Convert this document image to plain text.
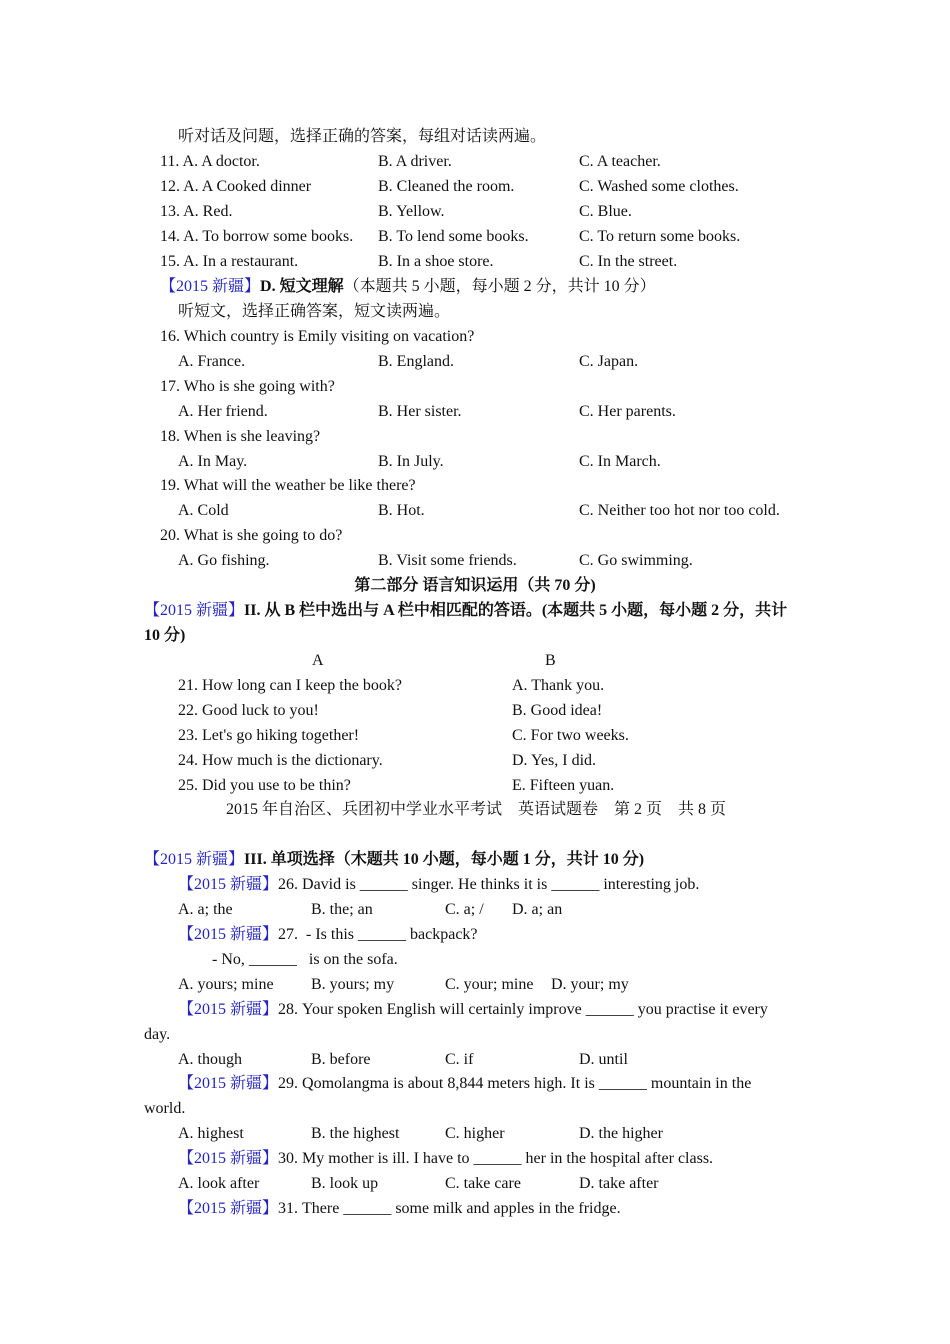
听对话及问题，选择正确的答案，每组对话读两遍。
11. A. A doctor.	B. A driver.	C. A teacher.
12. A. A Cooked dinner	B. Cleaned the room.	C. Washed some clothes.
13. A. Red.	B. Yellow.	C. Blue.
14. A. To borrow some books. B. To lend some books.	C. To return some books.
15. A. In a restaurant.	B. In a shoe store.	C. In the street.
【2015 新疆】D. 短文理解（本题共 5 小题，每小题 2 分，共计 10 分）
听短文，选择正确答案，短文读两遍。
16. Which country is Emily visiting on vacation?
A. France.	B. England.	C. Japan.
17. Who is she going with?
A. Her friend.	B. Her sister.	C. Her parents.
18. When is she leaving?
A. In May.	B. In July.	C. In March.
19. What will the weather be like there?
A. Cold	B. Hot.	C. Neither too hot nor too cold.
20. What is she going to do?
A. Go fishing.	B. Visit some friends.	C. Go swimming.
第二部分 语言知识运用（共 70 分)
【2015 新疆】II. 从 B 栏中选出与 A 栏中相匹配的答语。(本题共 5 小题，每小题 2 分，共计
10 分)
A	B
21. How long can I keep the book?	A. Thank you.
22. Good luck to you!	B. Good idea!
23. Let's go hiking together!	C. For two weeks.
24. How much is the dictionary.	D. Yes, I did.
25. Did you use to be thin?	E. Fifteen yuan.
2015 年自治区、兵团初中学业水平考试　英语试题卷　第 2 页　共 8 页
【2015 新疆】III. 单项选择（木题共 10 小题，每小题 1 分，共计 10 分)
【2015 新疆】26. David is ______ singer. He thinks it is ______ interesting job.
A. a; the	B. the; an	C. a; / D. a; an
【2015 新疆】27.  - Is this ______ backpack?
- No, ______   is on the sofa.
A. yours; mine B. yours; my	C. your; mine D. your; my
【2015 新疆】28. Your spoken English will certainly improve ______ you practise it every
day.
A. though	B. before	C. if	D. until
【2015 新疆】29. Qomolangma is about 8,844 meters high. It is ______ mountain in the
world.
A. highest	B. the highest	C. higher	D. the higher
【2015 新疆】30. My mother is ill. I have to ______ her in the hospital after class.
A. look after	B. look up	C. take care	D. take after
【2015 新疆】31. There ______ some milk and apples in the fridge.
